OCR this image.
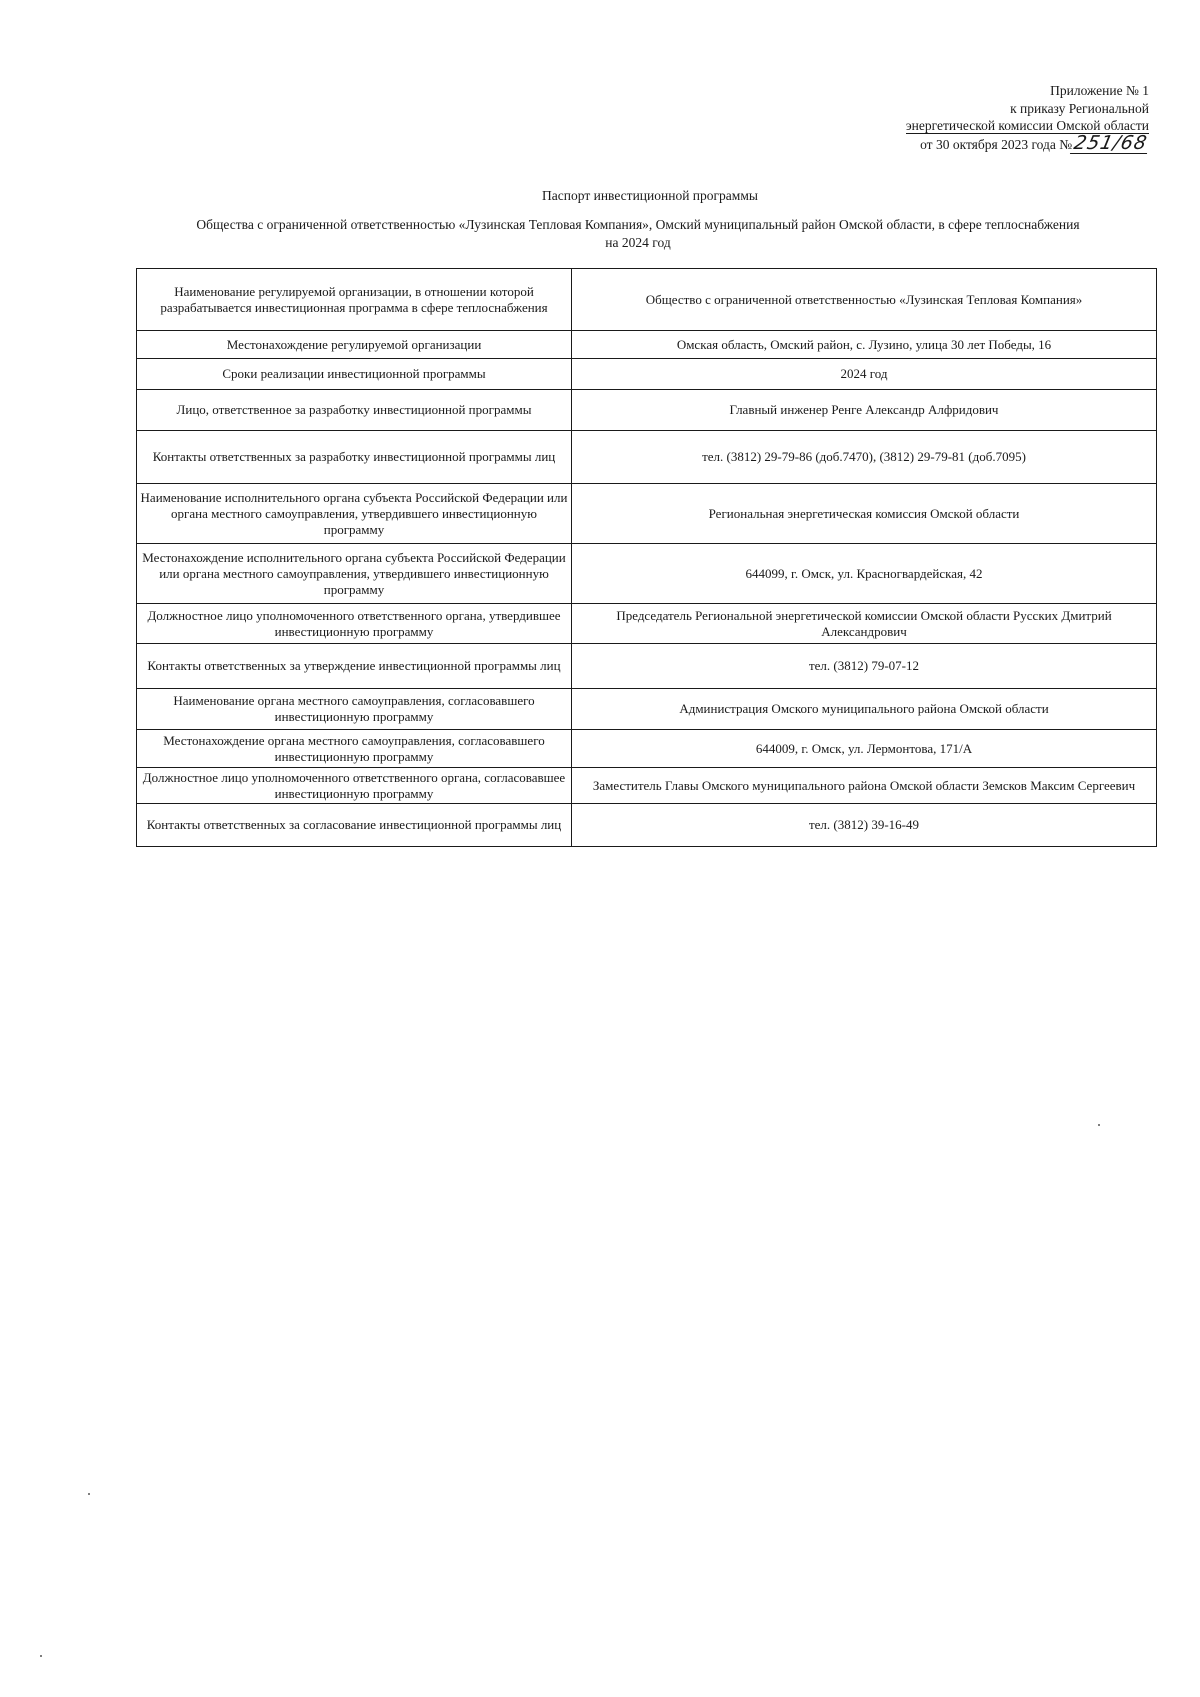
Приложение № 1
к приказу Региональной
энергетической комиссии Омской области
от 30 октября 2023 года №251/68
Паспорт инвестиционной программы
Общества с ограниченной ответственностью «Лузинская Тепловая Компания», Омский муниципальный район Омской области, в сфере теплоснабжения
на 2024 год
Наименование регулируемой организации, в отношении которой разрабатывается инвестиционная программа в сфере теплоснабжения	Общество с ограниченной ответственностью «Лузинская Тепловая Компания»
Местонахождение регулируемой организации	Омская область, Омский район, с. Лузино, улица 30 лет Победы, 16
Сроки реализации инвестиционной программы	2024 год
Лицо, ответственное за разработку инвестиционной программы	Главный инженер Ренге Александр Алфридович
Контакты ответственных за разработку инвестиционной программы лиц	тел. (3812) 29-79-86 (доб.7470), (3812) 29-79-81 (доб.7095)
Наименование исполнительного органа субъекта Российской Федерации или органа местного самоуправления, утвердившего инвестиционную программу	Региональная энергетическая комиссия Омской области
Местонахождение исполнительного органа субъекта Российской Федерации или органа местного самоуправления, утвердившего инвестиционную программу	644099, г. Омск, ул. Красногвардейская, 42
Должностное лицо уполномоченного ответственного органа, утвердившее инвестиционную программу	Председатель Региональной энергетической комиссии Омской области Русских Дмитрий Александрович
Контакты ответственных за утверждение инвестиционной программы лиц	тел. (3812) 79-07-12
Наименование органа местного самоуправления, согласовавшего инвестиционную программу	Администрация Омского муниципального района Омской области
Местонахождение органа местного самоуправления, согласовавшего инвестиционную программу	644009, г. Омск, ул. Лермонтова, 171/А
Должностное лицо уполномоченного ответственного органа, согласовавшее инвестиционную программу	Заместитель Главы Омского муниципального района Омской области Земсков Максим Сергеевич
Контакты ответственных за согласование инвестиционной программы лиц	тел. (3812) 39-16-49
